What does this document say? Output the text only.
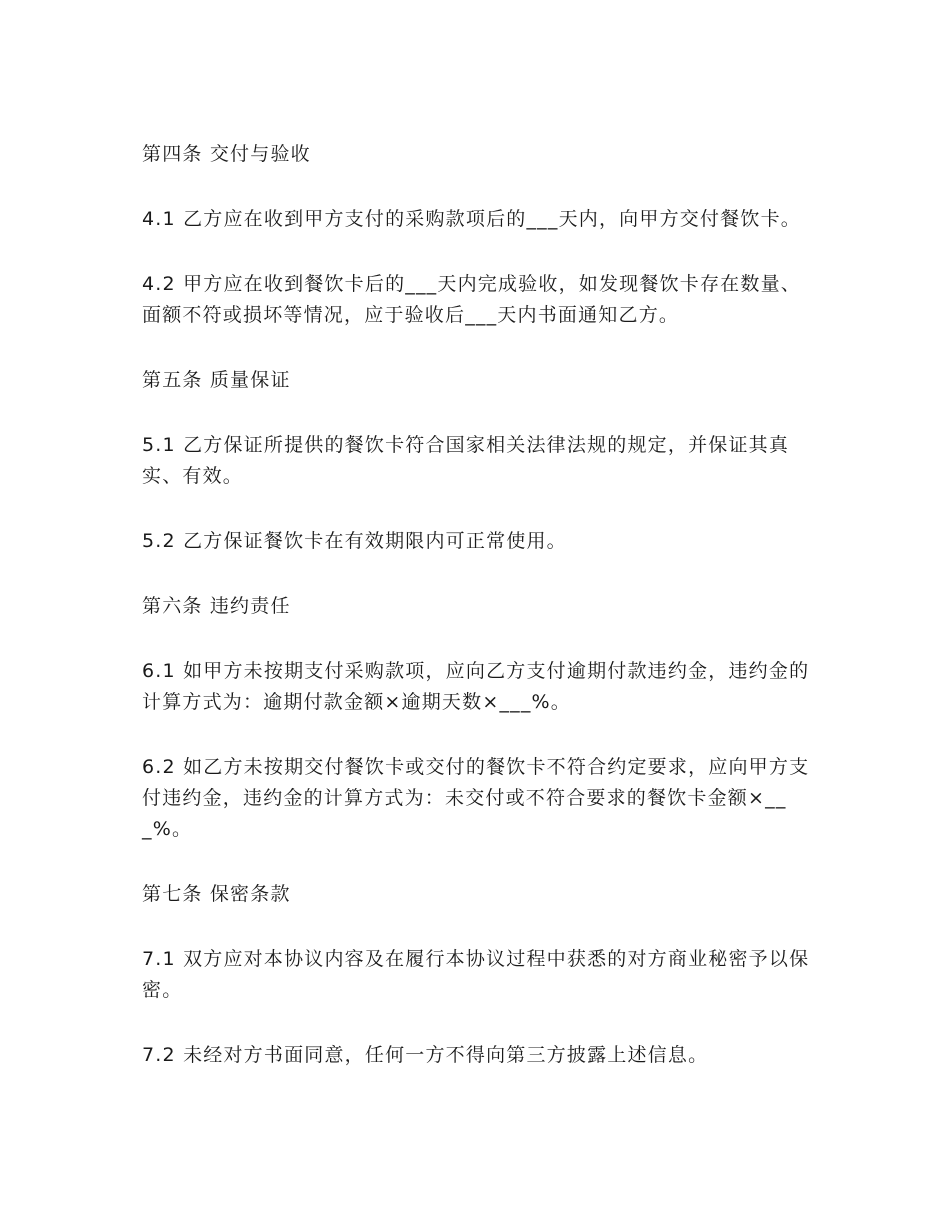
第四条 交付与验收

4.1 乙方应在收到甲方支付的采购款项后的___天内，向甲方交付餐饮卡。

4.2 甲方应在收到餐饮卡后的___天内完成验收，如发现餐饮卡存在数量、面额不符或损坏等情况，应于验收后___天内书面通知乙方。

第五条 质量保证

5.1 乙方保证所提供的餐饮卡符合国家相关法律法规的规定，并保证其真实、有效。

5.2 乙方保证餐饮卡在有效期限内可正常使用。

第六条 违约责任

6.1 如甲方未按期支付采购款项，应向乙方支付逾期付款违约金，违约金的计算方式为：逾期付款金额×逾期天数×___%。

6.2 如乙方未按期交付餐饮卡或交付的餐饮卡不符合约定要求，应向甲方支付违约金，违约金的计算方式为：未交付或不符合要求的餐饮卡金额×___%。

第七条 保密条款

7.1 双方应对本协议内容及在履行本协议过程中获悉的对方商业秘密予以保密。

7.2 未经对方书面同意，任何一方不得向第三方披露上述信息。
